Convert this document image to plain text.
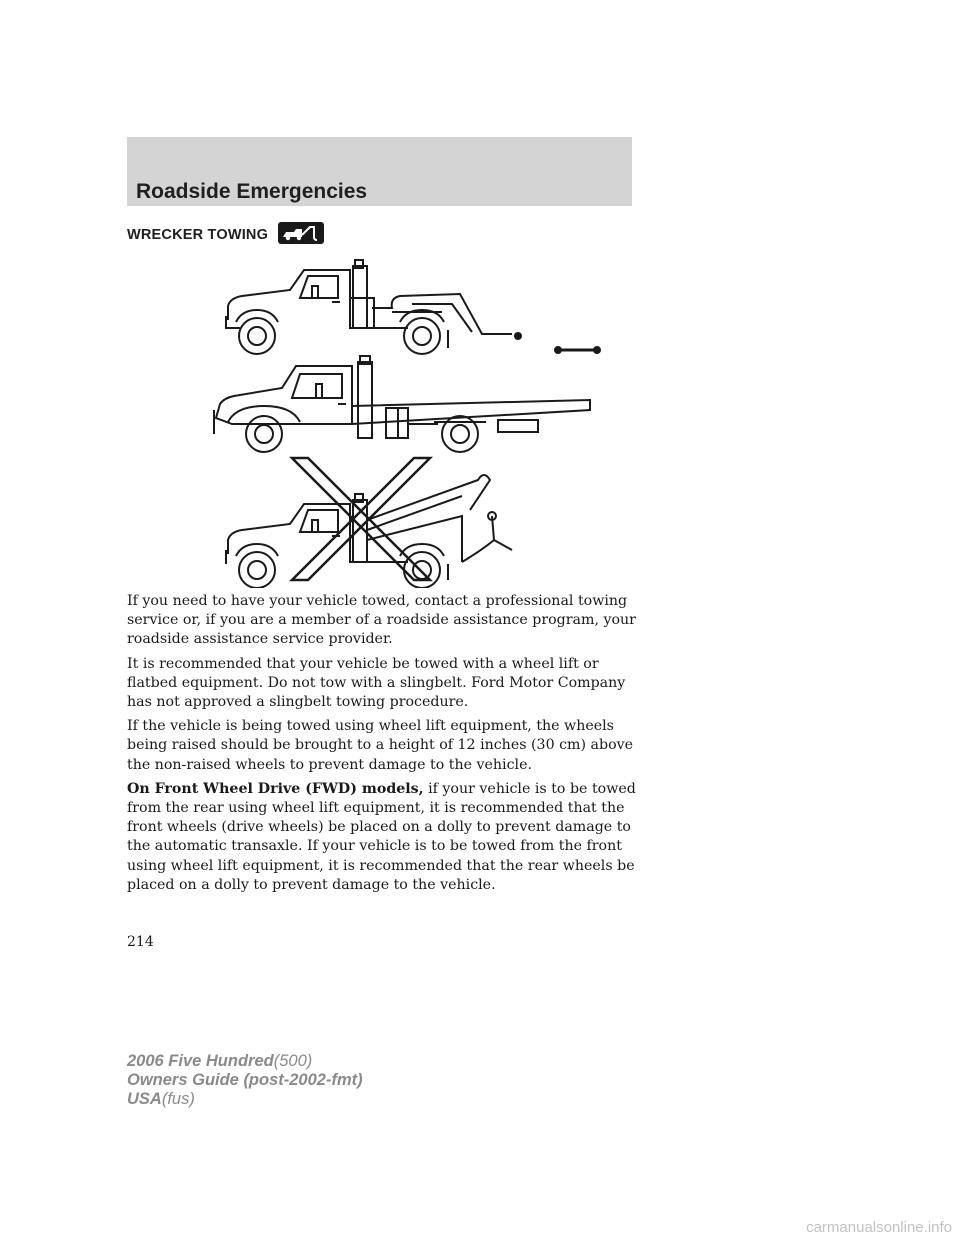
Roadside Emergencies
WRECKER TOWING

If you need to have your vehicle towed, contact a professional towing service or, if you are a member of a roadside assistance program, your roadside assistance service provider.

It is recommended that your vehicle be towed with a wheel lift or flatbed equipment. Do not tow with a slingbelt. Ford Motor Company has not approved a slingbelt towing procedure.

If the vehicle is being towed using wheel lift equipment, the wheels being raised should be brought to a height of 12 inches (30 cm) above the non-raised wheels to prevent damage to the vehicle.

On Front Wheel Drive (FWD) models, if your vehicle is to be towed from the rear using wheel lift equipment, it is recommended that the front wheels (drive wheels) be placed on a dolly to prevent damage to the automatic transaxle. If your vehicle is to be towed from the front using wheel lift equipment, it is recommended that the rear wheels be placed on a dolly to prevent damage to the vehicle.

214
2006 Five Hundred(500)
Owners Guide (post-2002-fmt)
USA(fus)
carmanualsonline.info
